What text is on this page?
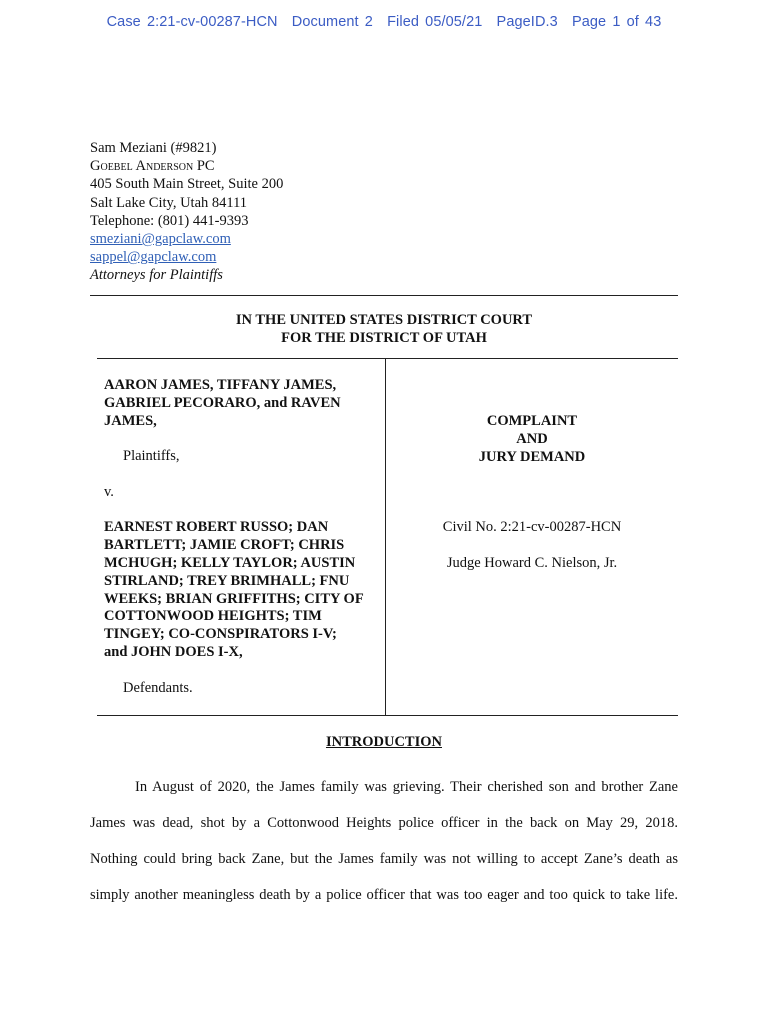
Case 2:21-cv-00287-HCN Document 2 Filed 05/05/21 PageID.3 Page 1 of 43
Sam Meziani (#9821)
Goebel Anderson PC
405 South Main Street, Suite 200
Salt Lake City, Utah 84111
Telephone: (801) 441-9393
smeziani@gapclaw.com
sappel@gapclaw.com
Attorneys for Plaintiffs
IN THE UNITED STATES DISTRICT COURT
FOR THE DISTRICT OF UTAH
AARON JAMES, TIFFANY JAMES,
GABRIEL PECORARO, and RAVEN
JAMES,
Plaintiffs,
v.
EARNEST ROBERT RUSSO; DAN
BARTLETT; JAMIE CROFT; CHRIS
MCHUGH; KELLY TAYLOR; AUSTIN
STIRLAND; TREY BRIMHALL; FNU
WEEKS; BRIAN GRIFFITHS; CITY OF
COTTONWOOD HEIGHTS; TIM
TINGEY; CO-CONSPIRATORS I-V;
and JOHN DOES I-X,
Defendants.
COMPLAINT
AND
JURY DEMAND
Civil No. 2:21-cv-00287-HCN
Judge Howard C. Nielson, Jr.
INTRODUCTION
In August of 2020, the James family was grieving. Their cherished son and brother Zane
James was dead, shot by a Cottonwood Heights police officer in the back on May 29, 2018.
Nothing could bring back Zane, but the James family was not willing to accept Zane’s death as
simply another meaningless death by a police officer that was too eager and too quick to take life.
